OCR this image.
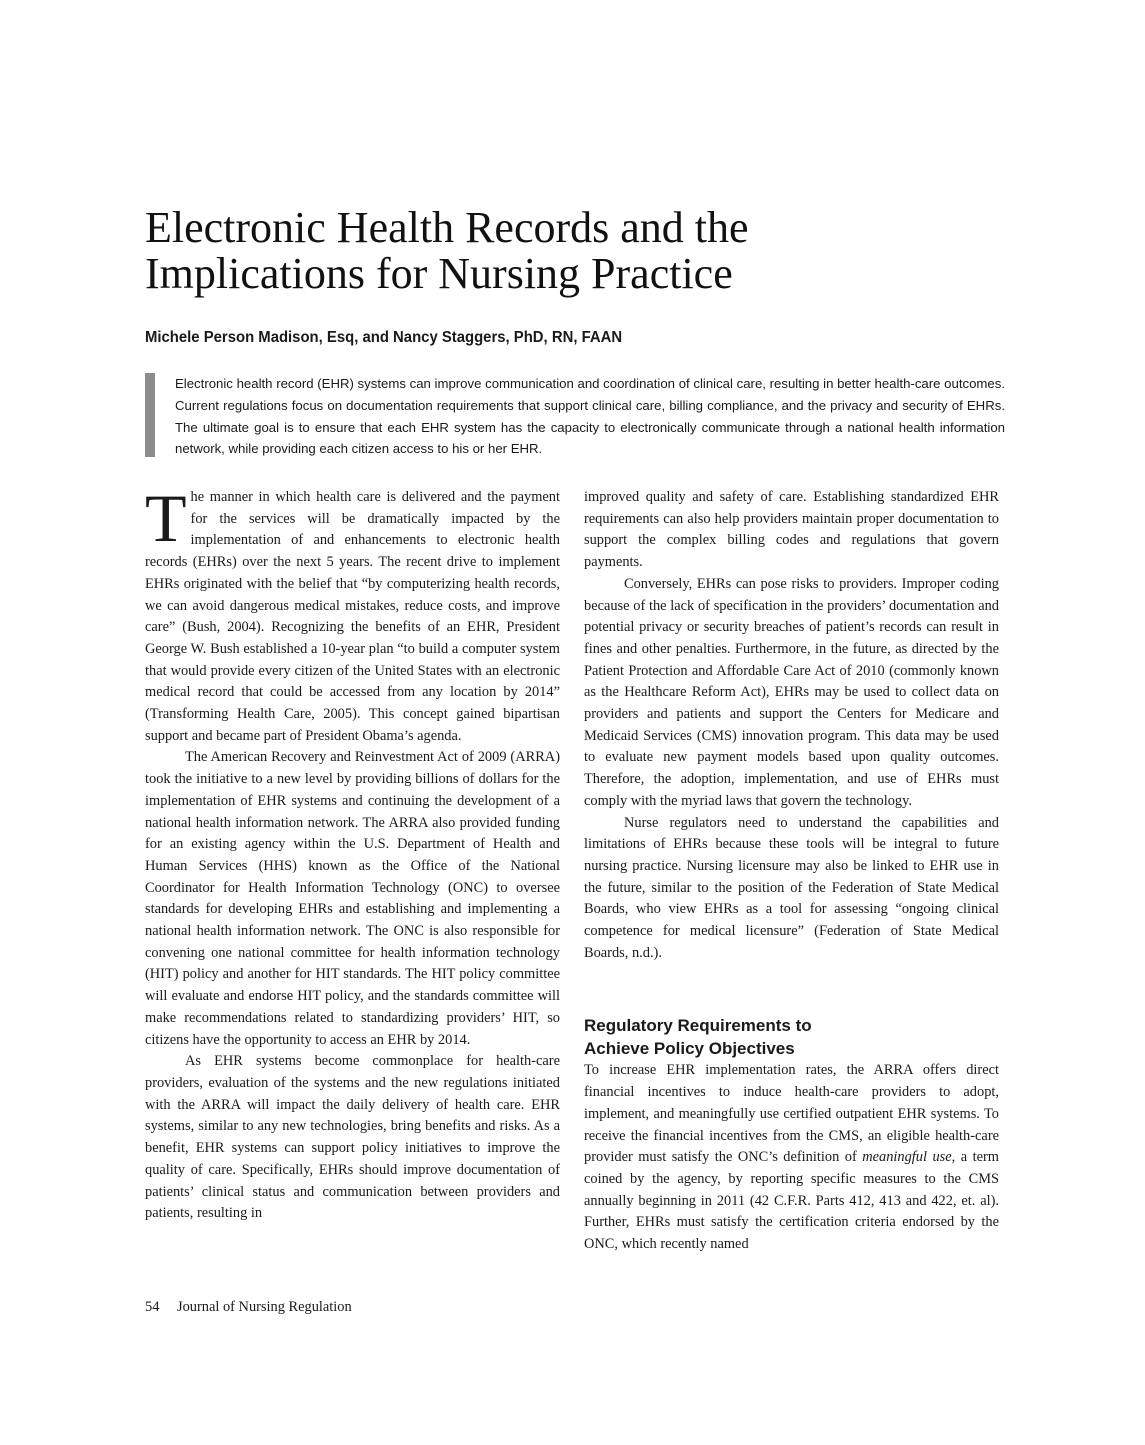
Electronic Health Records and the
Implications for Nursing Practice
Michele Person Madison, Esq, and Nancy Staggers, PhD, RN, FAAN

Electronic health record (EHR) systems can improve communication and coordination of clinical care, resulting in better health-care outcomes. Current regulations focus on documentation requirements that support clinical care, billing compliance, and the privacy and security of EHRs. The ultimate goal is to ensure that each EHR system has the capacity to electronically communicate through a national health information network, while providing each citizen access to his or her EHR.

The manner in which health care is delivered and the payment for the services will be dramatically impacted by the implementation of and enhancements to electronic health records (EHRs) over the next 5 years. The recent drive to implement EHRs originated with the belief that “by computerizing health records, we can avoid dangerous medical mistakes, reduce costs, and improve care” (Bush, 2004). Recognizing the benefits of an EHR, President George W. Bush established a 10-year plan “to build a computer system that would provide every citizen of the United States with an electronic medical record that could be accessed from any location by 2014” (Transforming Health Care, 2005). This concept gained bipartisan support and became part of President Obama’s agenda.

The American Recovery and Reinvestment Act of 2009 (ARRA) took the initiative to a new level by providing billions of dollars for the implementation of EHR systems and continuing the development of a national health information network. The ARRA also provided funding for an existing agency within the U.S. Department of Health and Human Services (HHS) known as the Office of the National Coordinator for Health Information Technology (ONC) to oversee standards for developing EHRs and establishing and implementing a national health information network. The ONC is also responsible for convening one national committee for health information technology (HIT) policy and another for HIT standards. The HIT policy committee will evaluate and endorse HIT policy, and the standards committee will make recommendations related to standardizing providers’ HIT, so citizens have the opportunity to access an EHR by 2014.

As EHR systems become commonplace for health-care providers, evaluation of the systems and the new regulations initiated with the ARRA will impact the daily delivery of health care. EHR systems, similar to any new technologies, bring benefits and risks. As a benefit, EHR systems can support policy initiatives to improve the quality of care. Specifically, EHRs should improve documentation of patients’ clinical status and communication between providers and patients, resulting in

improved quality and safety of care. Establishing standardized EHR requirements can also help providers maintain proper documentation to support the complex billing codes and regulations that govern payments.

Conversely, EHRs can pose risks to providers. Improper coding because of the lack of specification in the providers’ documentation and potential privacy or security breaches of patient’s records can result in fines and other penalties. Furthermore, in the future, as directed by the Patient Protection and Affordable Care Act of 2010 (commonly known as the Healthcare Reform Act), EHRs may be used to collect data on providers and patients and support the Centers for Medicare and Medicaid Services (CMS) innovation program. This data may be used to evaluate new payment models based upon quality outcomes. Therefore, the adoption, implementation, and use of EHRs must comply with the myriad laws that govern the technology.

Nurse regulators need to understand the capabilities and limitations of EHRs because these tools will be integral to future nursing practice. Nursing licensure may also be linked to EHR use in the future, similar to the position of the Federation of State Medical Boards, who view EHRs as a tool for assessing “ongoing clinical competence for medical licensure” (Federation of State Medical Boards, n.d.).

Regulatory Requirements to
Achieve Policy Objectives

To increase EHR implementation rates, the ARRA offers direct financial incentives to induce health-care providers to adopt, implement, and meaningfully use certified outpatient EHR systems. To receive the financial incentives from the CMS, an eligible health-care provider must satisfy the ONC’s definition of meaningful use, a term coined by the agency, by reporting specific measures to the CMS annually beginning in 2011 (42 C.F.R. Parts 412, 413 and 422, et. al). Further, EHRs must satisfy the certification criteria endorsed by the ONC, which recently named

54 Journal of Nursing Regulation
